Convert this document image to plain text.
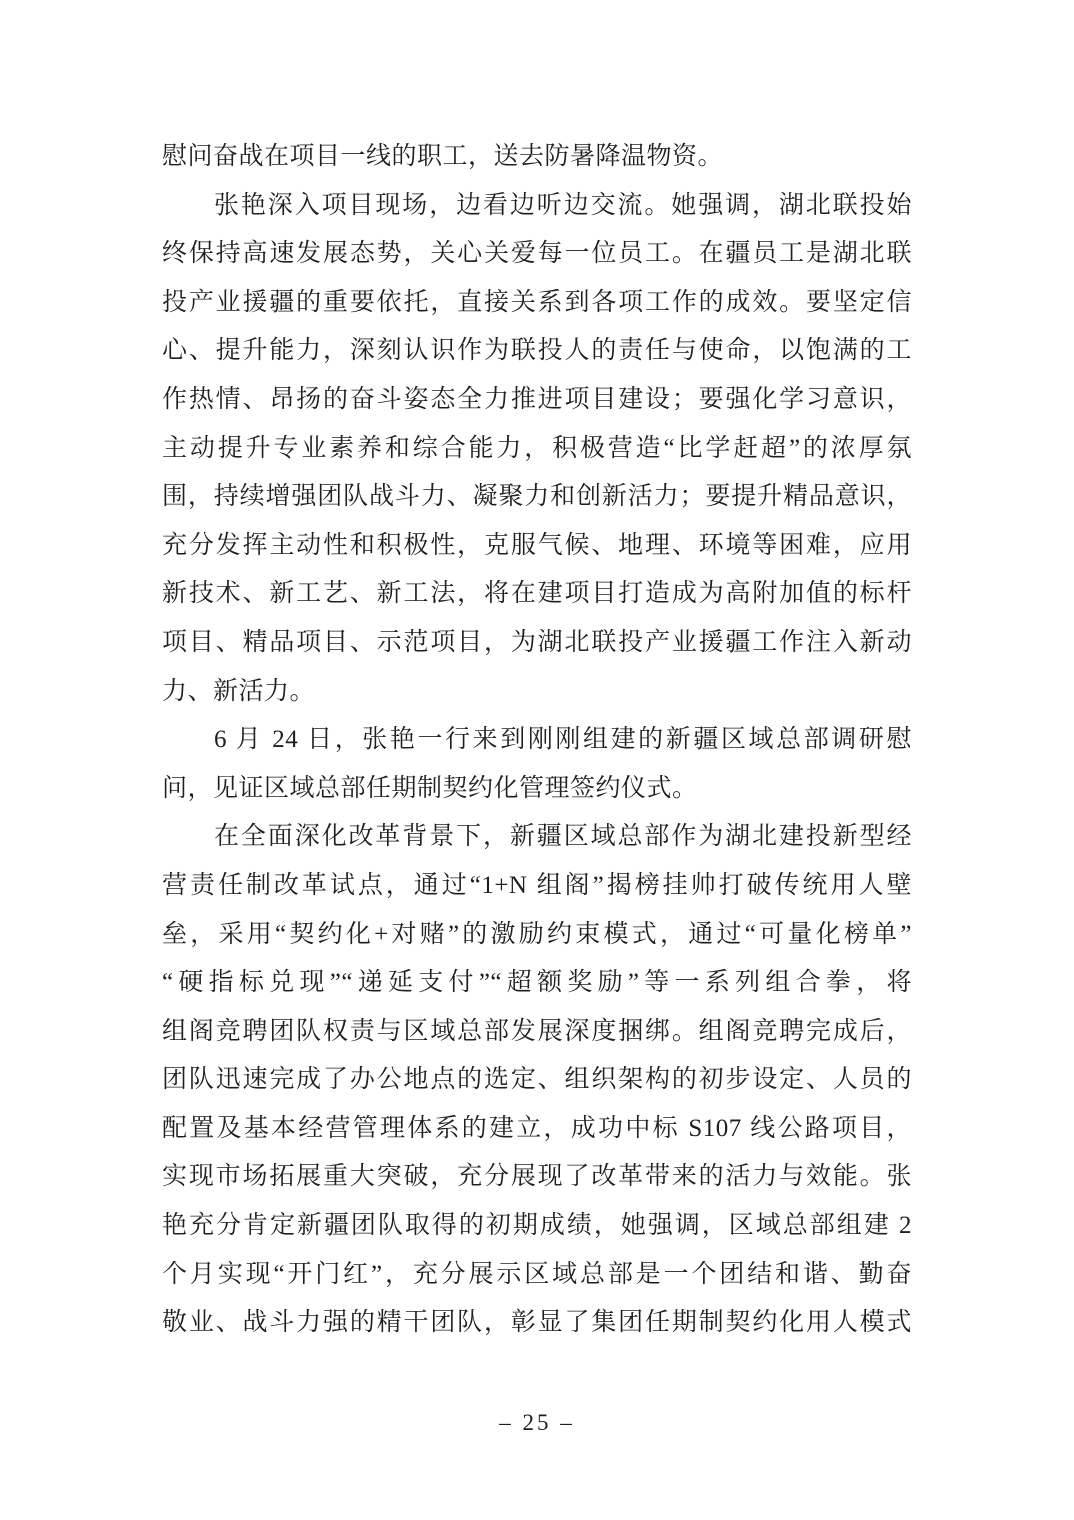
慰问奋战在项目一线的职工，送去防暑降温物资。
张艳深入项目现场，边看边听边交流。她强调，湖北联投始
终保持高速发展态势，关心关爱每一位员工。在疆员工是湖北联
投产业援疆的重要依托，直接关系到各项工作的成效。要坚定信
心、提升能力，深刻认识作为联投人的责任与使命，以饱满的工
作热情、昂扬的奋斗姿态全力推进项目建设；要强化学习意识，
主动提升专业素养和综合能力，积极营造“比学赶超”的浓厚氛
围，持续增强团队战斗力、凝聚力和创新活力；要提升精品意识，
充分发挥主动性和积极性，克服气候、地理、环境等困难，应用
新技术、新工艺、新工法，将在建项目打造成为高附加值的标杆
项目、精品项目、示范项目，为湖北联投产业援疆工作注入新动
力、新活力。
6 月 24 日，张艳一行来到刚刚组建的新疆区域总部调研慰
问，见证区域总部任期制契约化管理签约仪式。
在全面深化改革背景下，新疆区域总部作为湖北建投新型经
营责任制改革试点，通过“1+N 组阁”揭榜挂帅打破传统用人壁
垒，采用“契约化+对赌”的激励约束模式，通过“可量化榜单”
“硬指标兑现”“递延支付”“超额奖励”等一系列组合拳，将
组阁竞聘团队权责与区域总部发展深度捆绑。组阁竞聘完成后，
团队迅速完成了办公地点的选定、组织架构的初步设定、人员的
配置及基本经营管理体系的建立，成功中标 S107 线公路项目，
实现市场拓展重大突破，充分展现了改革带来的活力与效能。张
艳充分肯定新疆团队取得的初期成绩，她强调，区域总部组建 2
个月实现“开门红”，充分展示区域总部是一个团结和谐、勤奋
敬业、战斗力强的精干团队，彰显了集团任期制契约化用人模式
– 25 –
